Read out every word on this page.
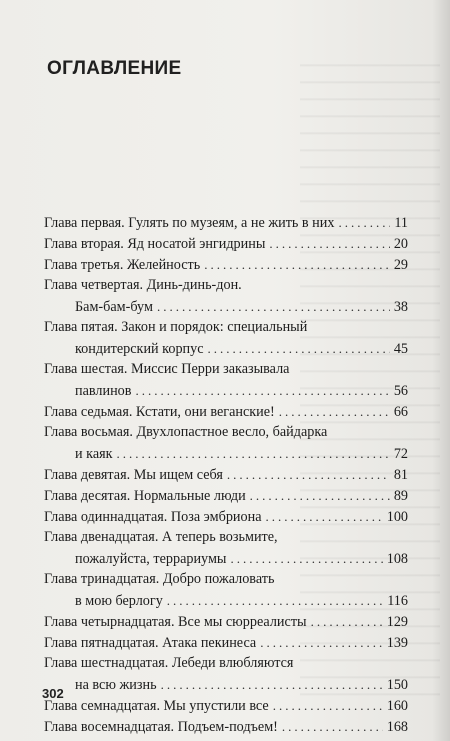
ОГЛАВЛЕНИЕ
Глава первая. Гулять по музеям, а не жить в них .....	11
Глава вторая. Яд носатой энгидрины .....	20
Глава третья. Желейность .....	29
Глава четвертая. Динь-динь-дон.
Бам-бам-бум .....	38
Глава пятая. Закон и порядок: специальный
кондитерский корпус .....	45
Глава шестая. Миссис Перри заказывала
павлинов .....	56
Глава седьмая. Кстати, они веганские! .....	66
Глава восьмая. Двухлопастное весло, байдарка
и каяк .....	72
Глава девятая. Мы ищем себя .....	81
Глава десятая. Нормальные люди .....	89
Глава одиннадцатая. Поза эмбриона .....	100
Глава двенадцатая. А теперь возьмите,
пожалуйста, террариумы .....	108
Глава тринадцатая. Добро пожаловать
в мою берлогу .....	116
Глава четырнадцатая. Все мы сюрреалисты .....	129
Глава пятнадцатая. Атака пекинеса .....	139
Глава шестнадцатая. Лебеди влюбляются
на всю жизнь .....	150
Глава семнадцатая. Мы упустили все .....	160
Глава восемнадцатая. Подъем-подъем! .....	168
302
